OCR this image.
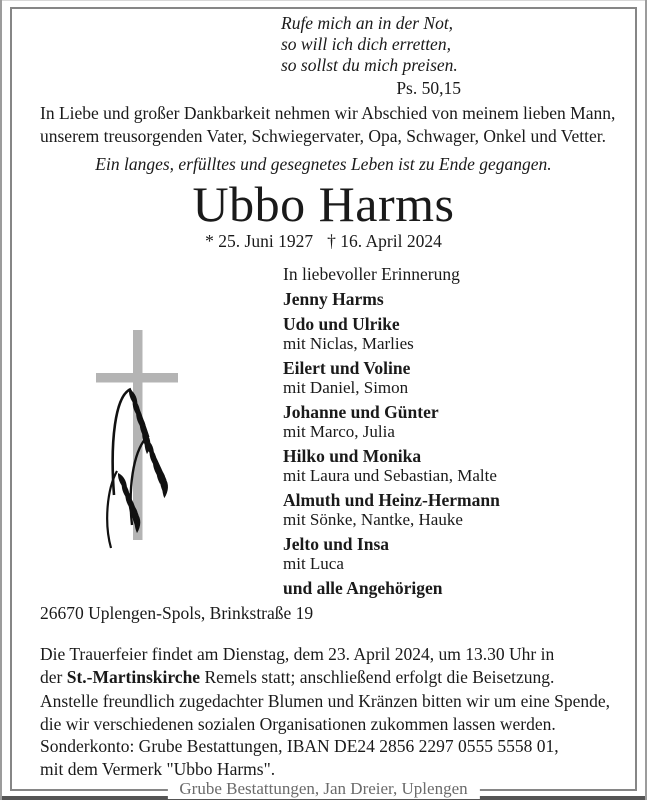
Grube Bestattungen, Jan Dreier, Uplengen
Rufe mich an in der Not,
so will ich dich erretten,
so sollst du mich preisen.
Ps. 50,15
In Liebe und großer Dankbarkeit nehmen wir Abschied von meinem lieben Mann,
unserem treusorgenden Vater, Schwiegervater, Opa, Schwager, Onkel und Vetter.
Ein langes, erfülltes und gesegnetes Leben ist zu Ende gegangen.
Ubbo Harms
* 25. Juni 1927 † 16. April 2024
In liebevoller Erinnerung
Jenny Harms
Udo und Ulrike
mit Niclas, Marlies
Eilert und Voline
mit Daniel, Simon
Johanne und Günter
mit Marco, Julia
Hilko und Monika
mit Laura und Sebastian, Malte
Almuth und Heinz-Hermann
mit Sönke, Nantke, Hauke
Jelto und Insa
mit Luca
und alle Angehörigen
26670 Uplengen-Spols, Brinkstraße 19
Die Trauerfeier findet am Dienstag, dem 23. April 2024, um 13.30 Uhr in
der St.-Martinskirche Remels statt; anschließend erfolgt die Beisetzung.
Anstelle freundlich zugedachter Blumen und Kränzen bitten wir um eine Spende,
die wir verschiedenen sozialen Organisationen zukommen lassen werden.
Sonderkonto: Grube Bestattungen, IBAN DE24 2856 2297 0555 5558 01,
mit dem Vermerk "Ubbo Harms".
